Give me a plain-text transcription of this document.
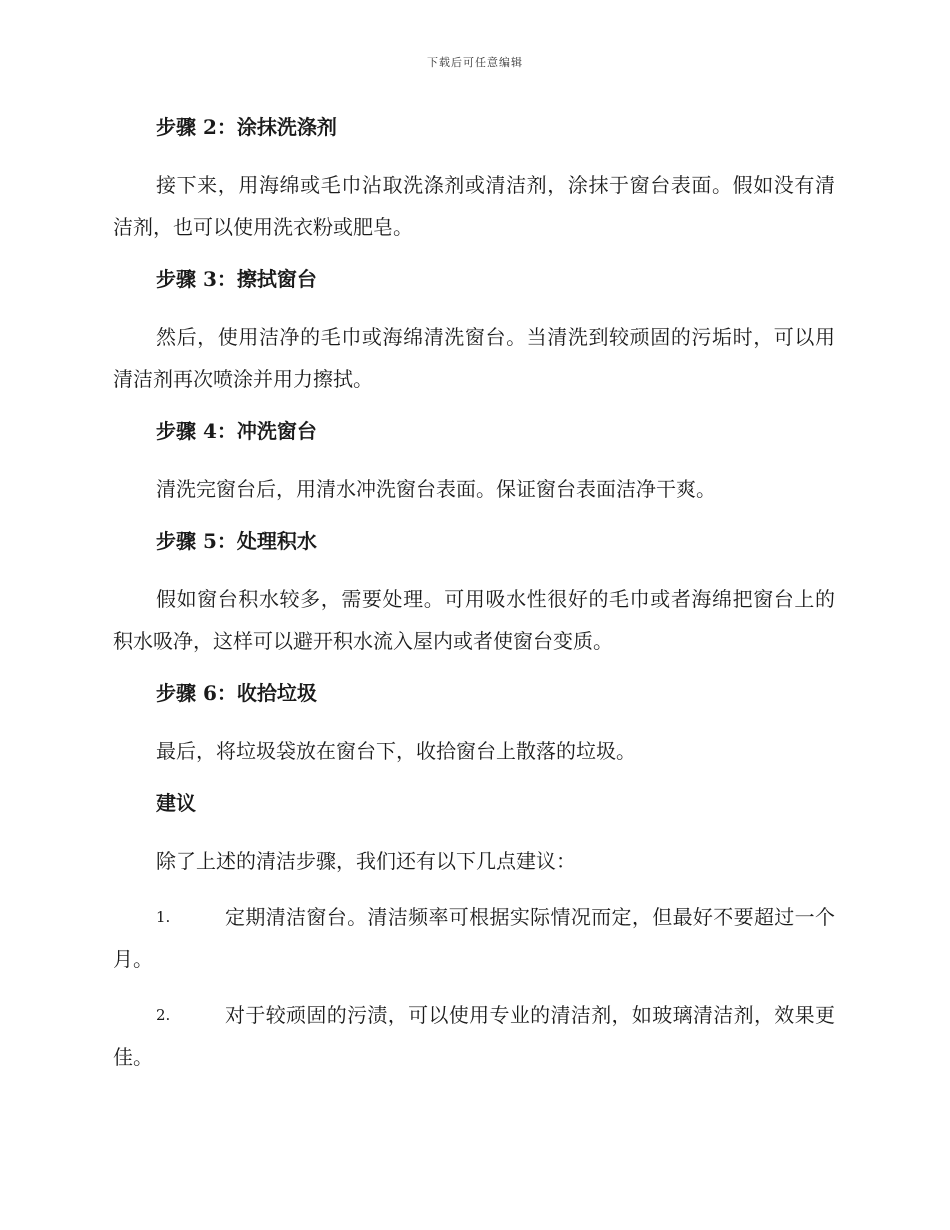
下载后可任意编辑
步骤 2：涂抹洗涤剂

接下来，用海绵或毛巾沾取洗涤剂或清洁剂，涂抹于窗台表面。假如没有清洁剂，也可以使用洗衣粉或肥皂。

步骤 3：擦拭窗台

然后，使用洁净的毛巾或海绵清洗窗台。当清洗到较顽固的污垢时，可以用清洁剂再次喷涂并用力擦拭。

步骤 4：冲洗窗台

清洗完窗台后，用清水冲洗窗台表面。保证窗台表面洁净干爽。

步骤 5：处理积水

假如窗台积水较多，需要处理。可用吸水性很好的毛巾或者海绵把窗台上的积水吸净，这样可以避开积水流入屋内或者使窗台变质。

步骤 6：收拾垃圾

最后，将垃圾袋放在窗台下，收拾窗台上散落的垃圾。

建议

除了上述的清洁步骤，我们还有以下几点建议：

1.	定期清洁窗台。清洁频率可根据实际情况而定，但最好不要超过一个月。

2.	对于较顽固的污渍，可以使用专业的清洁剂，如玻璃清洁剂，效果更佳。
